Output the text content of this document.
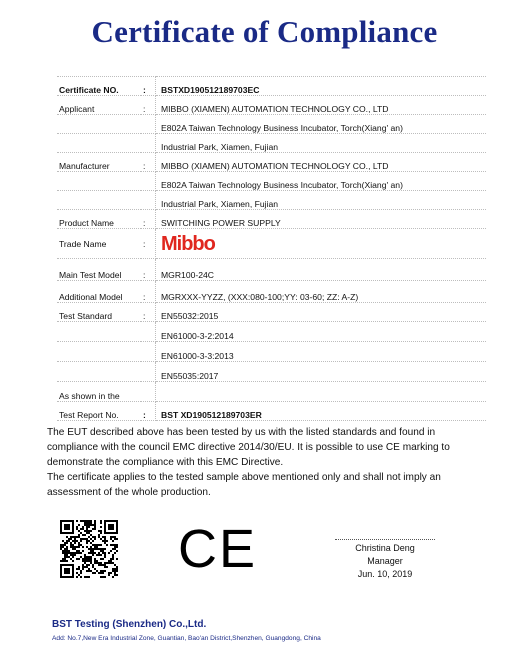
Certificate of Compliance
Certificate NO.	:	BSTXD190512189703EC
Applicant	:	MIBBO (XIAMEN) AUTOMATION TECHNOLOGY CO., LTD
		E802A Taiwan Technology Business Incubator, Torch(Xiang' an)
		Industrial Park, Xiamen, Fujian
Manufacturer	:	MIBBO (XIAMEN) AUTOMATION TECHNOLOGY CO., LTD
		E802A Taiwan Technology Business Incubator, Torch(Xiang' an)
		Industrial Park, Xiamen, Fujian
Product Name	:	SWITCHING POWER SUPPLY
Trade Name	:	Mibbo
Main Test Model	:	MGR100-24C
Additional Model	:	MGRXXX-YYZZ, (XXX:080-100;YY: 03-60; ZZ: A-Z)
Test Standard	:	EN55032:2015
		EN61000-3-2:2014
		EN61000-3-3:2013
		EN55035:2017
As shown in the		
Test Report No.	:	BST XD190512189703ER

The EUT described above has been tested by us with the listed standards and found in compliance with the council EMC directive 2014/30/EU. It is possible to use CE marking to demonstrate the compliance with this EMC Directive.

The certificate applies to the tested sample above mentioned only and shall not imply an assessment of the whole production.

CE	Christina Deng
Manager
Jun. 10, 2019
BST Testing (Shenzhen) Co.,Ltd.
Add: No.7,New Era Industrial Zone, Guantian, Bao'an District,Shenzhen, Guangdong, China
